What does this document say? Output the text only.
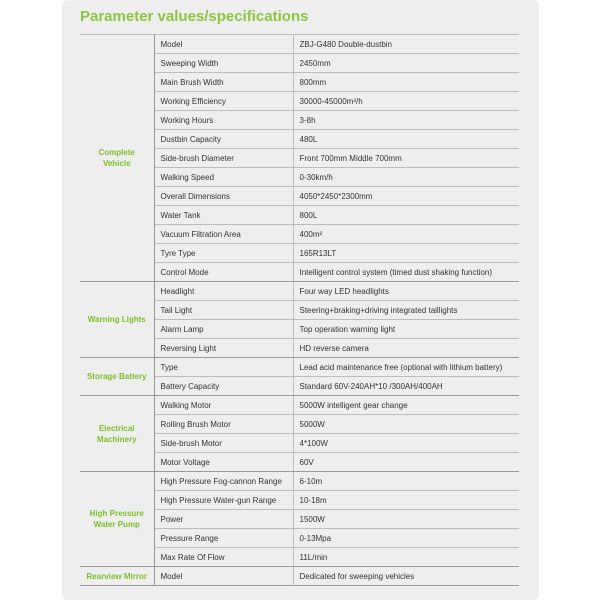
Parameter values/specifications
Complete Vehicle	Model	ZBJ-G480 Double-dustbin
	Sweeping Width	2450mm
	Main Brush Width	800mm
	Working Efficiency	30000-45000m²/h
	Working Hours	3-8h
	Dustbin Capacity	480L
	Side-brush Diameter	Front 700mm Middle 700mm
	Walking Speed	0-30km/h
	Overall Dimensions	4050*2450*2300mm
	Water Tank	800L
	Vacuum Filtration Area	400m²
	Tyre Type	165R13LT
	Control Mode	Intelligent control system (timed dust shaking function)
Warning Lights	Headlight	Four way LED headlights
	Tail Light	Steering+braking+driving integrated taillights
	Alarm Lamp	Top operation warning light
	Reversing Light	HD reverse camera
Storage Battery	Type	Lead acid maintenance free (optional with lithium battery)
	Battery Capacity	Standard 60V-240AH*10 /300AH/400AH
Electrical Machinery	Walking Motor	5000W intelligent gear change
	Rolling Brush Motor	5000W
	Side-brush Motor	4*100W
	Motor Voltage	60V
High Pressure Water Pump	High Pressure Fog-cannon Range	6-10m
	High Pressure Water-gun Range	10-18m
	Power	1500W
	Pressure Range	0-13Mpa
	Max Rate Of Flow	11L/min
Rearview Mirror	Model	Dedicated for sweeping vehicles
